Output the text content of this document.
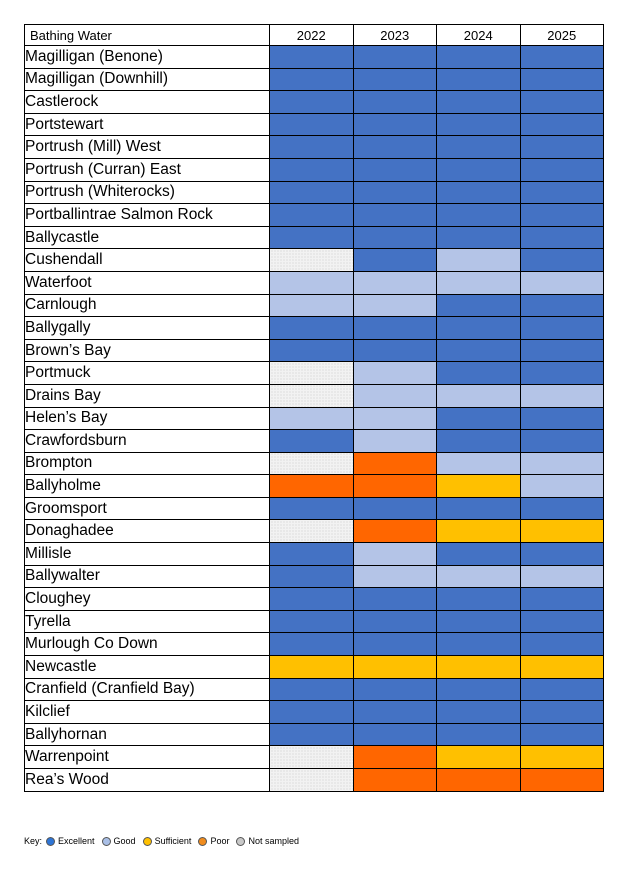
Bathing Water	2022	2023	2024	2025
Magilligan (Benone)				
Magilligan (Downhill)				
Castlerock				
Portstewart				
Portrush (Mill) West				
Portrush (Curran) East				
Portrush (Whiterocks)				
Portballintrae Salmon Rock				
Ballycastle				
Cushendall				
Waterfoot				
Carnlough				
Ballygally				
Brown’s Bay				
Portmuck				
Drains Bay				
Helen’s Bay				
Crawfordsburn				
Brompton				
Ballyholme				
Groomsport				
Donaghadee				
Millisle				
Ballywalter				
Cloughey				
Tyrella				
Murlough Co Down				
Newcastle				
Cranfield (Cranfield Bay)				
Kilclief				
Ballyhornan				
Warrenpoint				
Rea’s Wood				
Key: Excellent Good Sufficient Poor Not sampled
